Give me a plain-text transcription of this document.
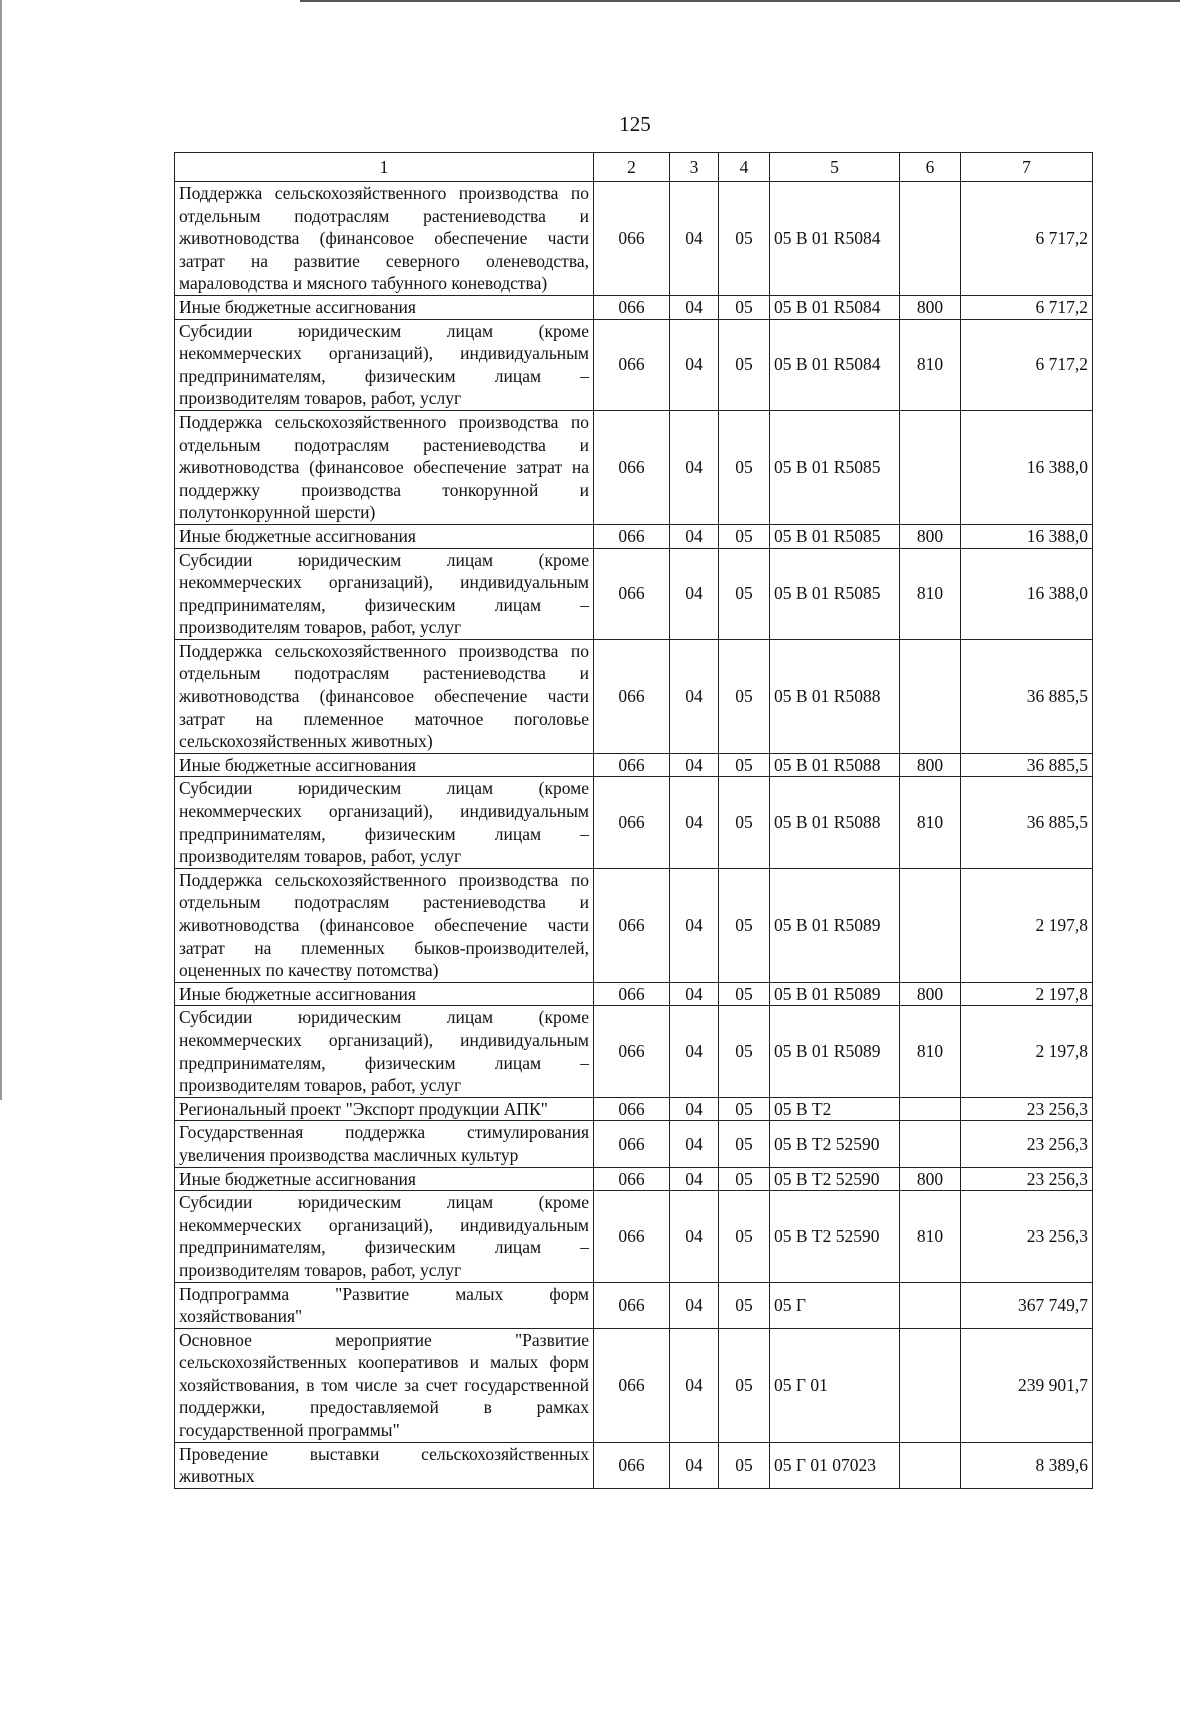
125
1	2	3	4	5	6	7
Поддержка сельскохозяйственного производства по отдельным подотраслям растениеводства и животноводства (финансовое обеспечение части затрат на развитие северного оленеводства, мараловодства и мясного табунного коневодства)	066	04	05	05 В 01 R5084		6 717,2
Иные бюджетные ассигнования	066	04	05	05 В 01 R5084	800	6 717,2
Субсидии юридическим лицам (кроме некоммерческих организаций), индивидуальным предпринимателям, физическим лицам – производителям товаров, работ, услуг	066	04	05	05 В 01 R5084	810	6 717,2
Поддержка сельскохозяйственного производства по отдельным подотраслям растениеводства и животноводства (финансовое обеспечение затрат на поддержку производства тонкорунной и полутонкорунной шерсти)	066	04	05	05 В 01 R5085		16 388,0
Иные бюджетные ассигнования	066	04	05	05 В 01 R5085	800	16 388,0
Субсидии юридическим лицам (кроме некоммерческих организаций), индивидуальным предпринимателям, физическим лицам – производителям товаров, работ, услуг	066	04	05	05 В 01 R5085	810	16 388,0
Поддержка сельскохозяйственного производства по отдельным подотраслям растениеводства и животноводства (финансовое обеспечение части затрат на племенное маточное поголовье сельскохозяйственных животных)	066	04	05	05 В 01 R5088		36 885,5
Иные бюджетные ассигнования	066	04	05	05 В 01 R5088	800	36 885,5
Субсидии юридическим лицам (кроме некоммерческих организаций), индивидуальным предпринимателям, физическим лицам – производителям товаров, работ, услуг	066	04	05	05 В 01 R5088	810	36 885,5
Поддержка сельскохозяйственного производства по отдельным подотраслям растениеводства и животноводства (финансовое обеспечение части затрат на племенных быков-производителей, оцененных по качеству потомства)	066	04	05	05 В 01 R5089		2 197,8
Иные бюджетные ассигнования	066	04	05	05 В 01 R5089	800	2 197,8
Субсидии юридическим лицам (кроме некоммерческих организаций), индивидуальным предпринимателям, физическим лицам – производителям товаров, работ, услуг	066	04	05	05 В 01 R5089	810	2 197,8
Региональный проект "Экспорт продукции АПК"	066	04	05	05 В Т2		23 256,3
Государственная поддержка стимулирования увеличения производства масличных культур	066	04	05	05 В Т2 52590		23 256,3
Иные бюджетные ассигнования	066	04	05	05 В Т2 52590	800	23 256,3
Субсидии юридическим лицам (кроме некоммерческих организаций), индивидуальным предпринимателям, физическим лицам – производителям товаров, работ, услуг	066	04	05	05 В Т2 52590	810	23 256,3
Подпрограмма "Развитие малых форм хозяйствования"	066	04	05	05 Г		367 749,7
Основное мероприятие "Развитие сельскохозяйственных кооперативов и малых форм хозяйствования, в том числе за счет государственной поддержки, предоставляемой в рамках государственной программы"	066	04	05	05 Г 01		239 901,7
Проведение выставки сельскохозяйственных животных	066	04	05	05 Г 01 07023		8 389,6
